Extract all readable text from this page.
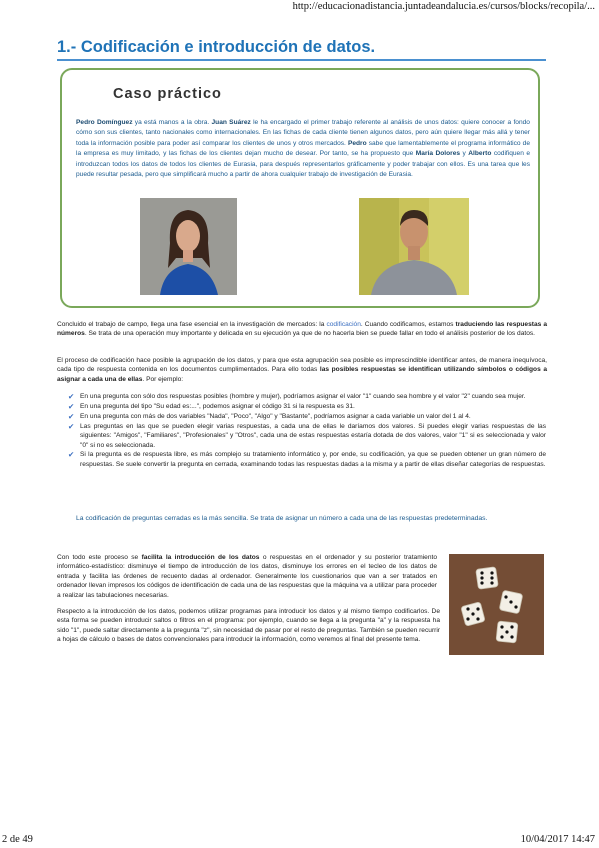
http://educacionadistancia.juntadeandalucia.es/cursos/blocks/recopila/...
1.- Codificación e introducción de datos.
Caso práctico
Pedro Domínguez ya está manos a la obra. Juan Suárez le ha encargado el primer trabajo referente al análisis de unos datos: quiere conocer a fondo cómo son sus clientes, tanto nacionales como internacionales. En las fichas de cada cliente tienen algunos datos, pero aún quiere llegar más allá y tener toda la información posible para poder así comparar los clientes de unos y otros mercados. Pedro sabe que lamentablemente el programa informático de la empresa es muy limitado, y las fichas de los clientes dejan mucho de desear. Por tanto, se ha propuesto que María Dolores y Alberto codifiquen e introduzcan todos los datos de todos los clientes de Eurasia, para después representarlos gráficamente y poder trabajar con ellos. Es una tarea que les puede resultar pesada, pero que simplificará mucho a partir de ahora cualquier trabajo de investigación de Eurasia.
Concluido el trabajo de campo, llega una fase esencial en la investigación de mercados: la codificación. Cuando codificamos, estamos traduciendo las respuestas a números. Se trata de una operación muy importante y delicada en su ejecución ya que de no hacerla bien se puede fallar en todo el análisis posterior de los datos.
El proceso de codificación hace posible la agrupación de los datos, y para que esta agrupación sea posible es imprescindible identificar antes, de manera inequívoca, cada tipo de respuesta contenida en los documentos cumplimentados. Para ello todas las posibles respuestas se identifican utilizando símbolos o códigos a asignar a cada una de ellas. Por ejemplo:
✔ En una pregunta con sólo dos respuestas posibles (hombre y mujer), podríamos asignar el valor "1" cuando sea hombre y el valor "2" cuando sea mujer.
✔ En una pregunta del tipo "Su edad es:...", podemos asignar el código 31 si la respuesta es 31.
✔ En una pregunta con más de dos variables "Nada", "Poco", "Algo" y "Bastante", podríamos asignar a cada variable un valor del 1 al 4.
✔ Las preguntas en las que se pueden elegir varias respuestas, a cada una de ellas le daríamos dos valores. Si puedes elegir varias respuestas de las siguientes: "Amigos", "Familiares", "Profesionales" y "Otros", cada una de estas respuestas estaría dotada de dos valores, valor "1" si es seleccionada y valor "0" si no es seleccionada.
✔ Si la pregunta es de respuesta libre, es más complejo su tratamiento informático y, por ende, su codificación, ya que se pueden obtener un gran número de respuestas. Se suele convertir la pregunta en cerrada, examinando todas las respuestas dadas a la misma y a partir de ellas diseñar categorías de respuestas.
La codificación de preguntas cerradas es la más sencilla. Se trata de asignar un número a cada una de las respuestas predeterminadas.
Con todo este proceso se facilita la introducción de los datos o respuestas en el ordenador y su posterior tratamiento informático-estadístico: disminuye el tiempo de introducción de los datos, disminuye los errores en el tecleo de los datos de entrada y facilita las órdenes de recuento dadas al ordenador. Generalmente los cuestionarios que van a ser tratados en ordenador llevan impresos los códigos de identificación de cada una de las respuestas que la máquina va a utilizar para proceder a realizar las tabulaciones necesarias.
Respecto a la introducción de los datos, podemos utilizar programas para introducir los datos y al mismo tiempo codificarlos. De esta forma se pueden introducir saltos o filtros en el programa: por ejemplo, cuando se llega a la pregunta "a" y la respuesta ha sido "1", puede saltar directamente a la pregunta "z", sin necesidad de pasar por el resto de preguntas. También se pueden recurrir a hojas de cálculo o bases de datos convencionales para introducir la información, como veremos al final del presente tema.
2 de 49	10/04/2017 14:47
